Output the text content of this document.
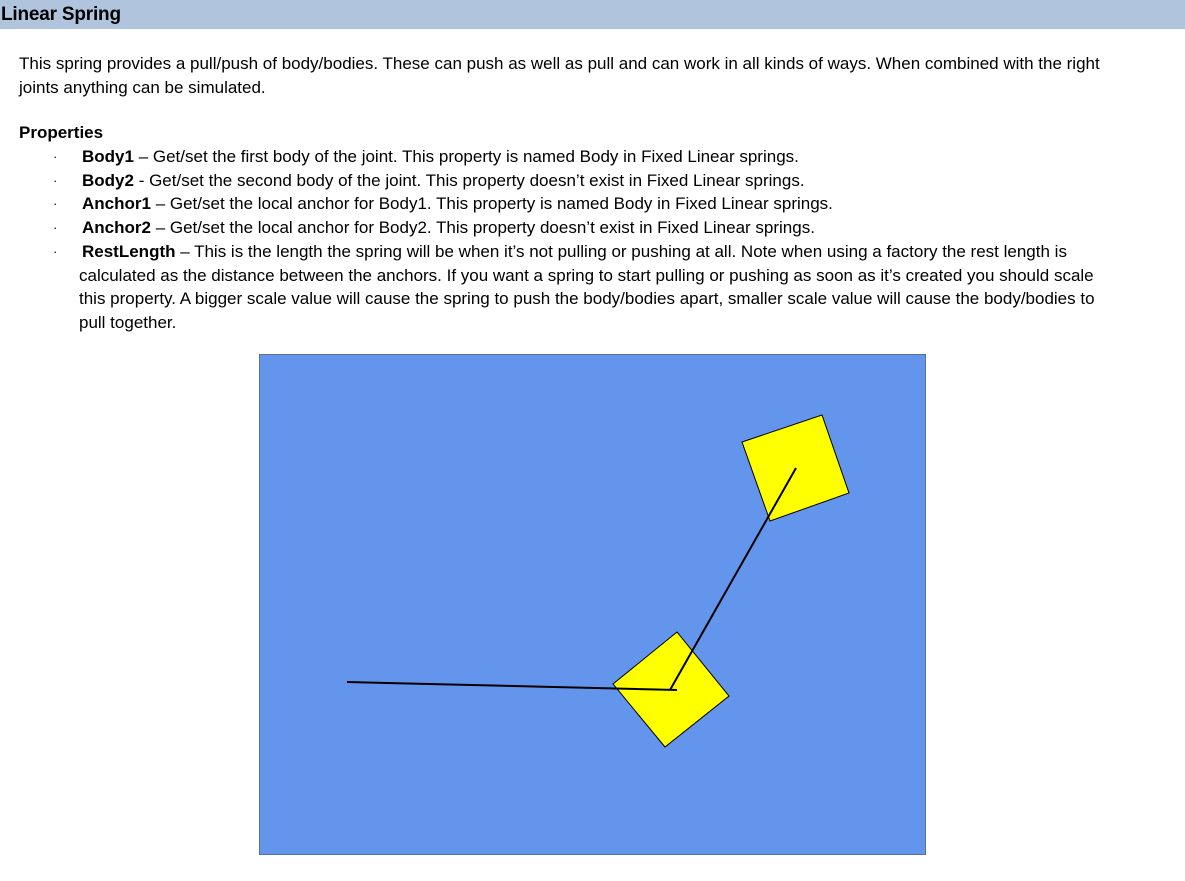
Linear Spring
This spring provides a pull/push of body/bodies. These can push as well as pull and can work in all kinds of ways. When combined with the right
joints anything can be simulated.
Properties
· Body1 – Get/set the first body of the joint. This property is named Body in Fixed Linear springs.
· Body2 - Get/set the second body of the joint. This property doesn’t exist in Fixed Linear springs.
· Anchor1 – Get/set the local anchor for Body1. This property is named Body in Fixed Linear springs.
· Anchor2 – Get/set the local anchor for Body2. This property doesn’t exist in Fixed Linear springs.
· RestLength – This is the length the spring will be when it’s not pulling or pushing at all. Note when using a factory the rest length is
calculated as the distance between the anchors. If you want a spring to start pulling or pushing as soon as it’s created you should scale
this property. A bigger scale value will cause the spring to push the body/bodies apart, smaller scale value will cause the body/bodies to
pull together.
